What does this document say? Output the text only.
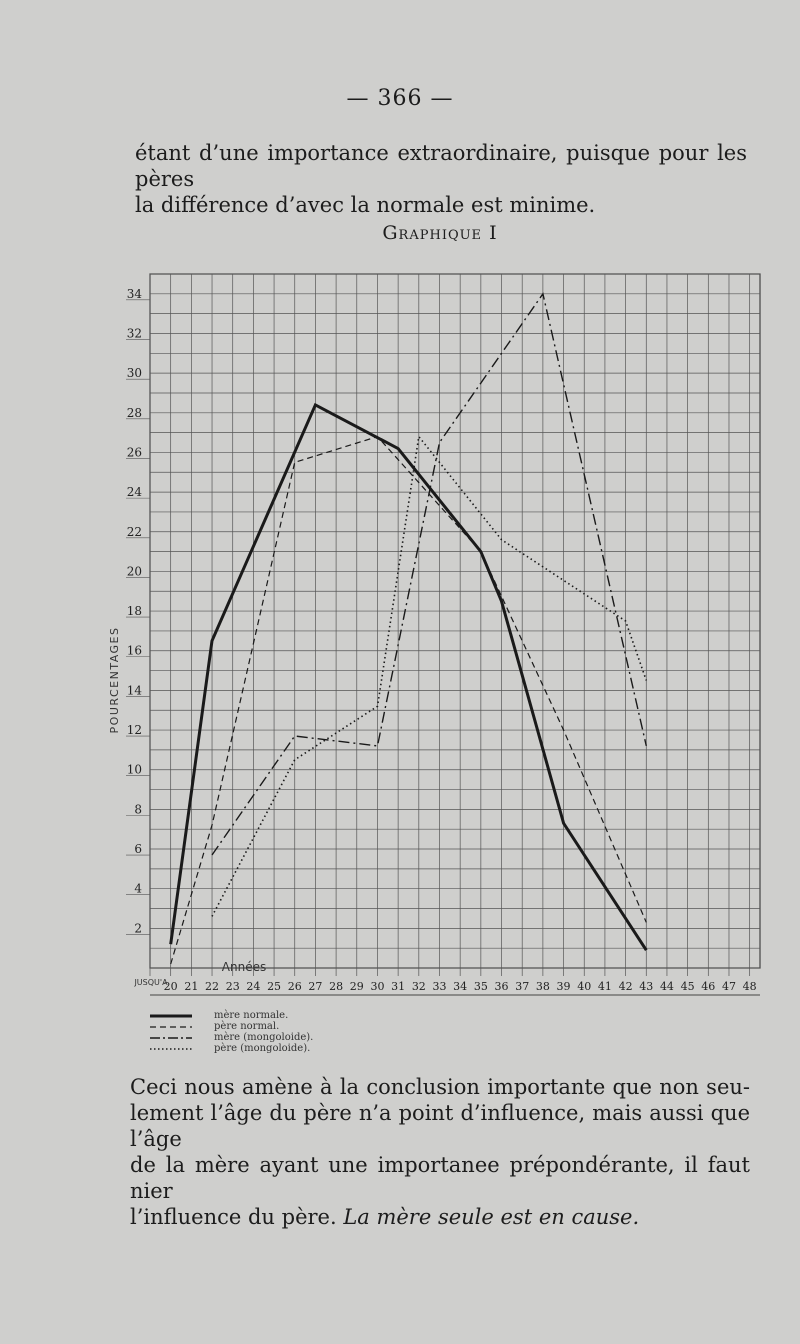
— 366 —
étant d’une importance extraordinaire, puisque pour les pères
la différence d’avec la normale est minime.
Graphique I
2
4
6
8
10
12
14
16
18
20
22
24
26
28
30
32
34
20 21 22 23 24 25 26 27 28 29 30 31 32 33 34 35 36 37 38 39 40 41 42 43 44 45 46 47 48
POURCENTAGES
Années
JUSQU'A
mère normale.
père normal.
mère (mongoloide).
père (mongoloide).
Ceci nous amène à la conclusion importante que non seu-
lement l’âge du père n’a point d’influence, mais aussi que l’âge
de la mère ayant une importanee prépondérante, il faut nier
l’influence du père. La mère seule est en cause.
